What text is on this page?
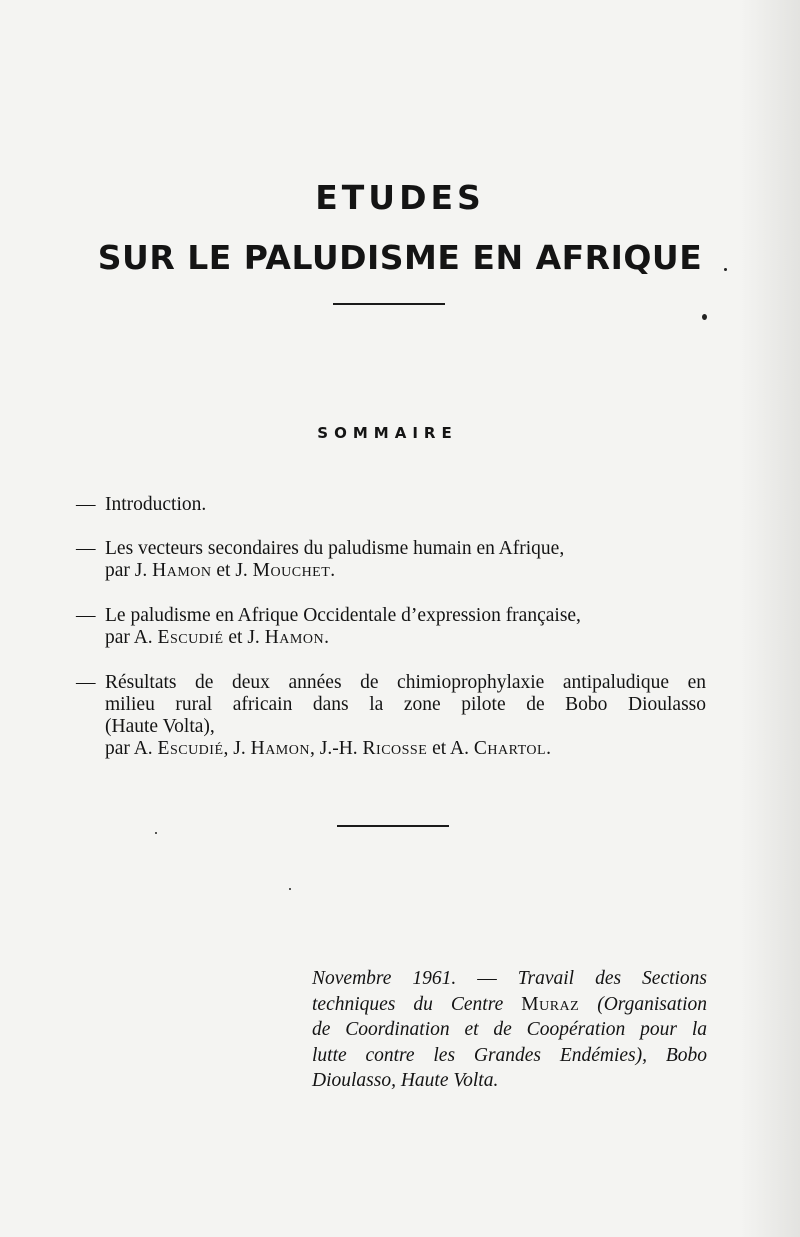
ETUDES
SUR LE PALUDISME EN AFRIQUE
SOMMAIRE
— Introduction.
— Les vecteurs secondaires du paludisme humain en Afrique,
par J. Hamon et J. Mouchet.
— Le paludisme en Afrique Occidentale d’expression française,
par A. Escudié et J. Hamon.
— Résultats de deux années de chimioprophylaxie antipaludique en
milieu rural africain dans la zone pilote de Bobo Dioulasso
(Haute Volta),
par A. Escudié, J. Hamon, J.-H. Ricosse et A. Chartol.
Novembre 1961. — Travail des Sections
techniques du Centre Muraz (Organisation
de Coordination et de Coopération pour la
lutte contre les Grandes Endémies), Bobo
Dioulasso, Haute Volta.
